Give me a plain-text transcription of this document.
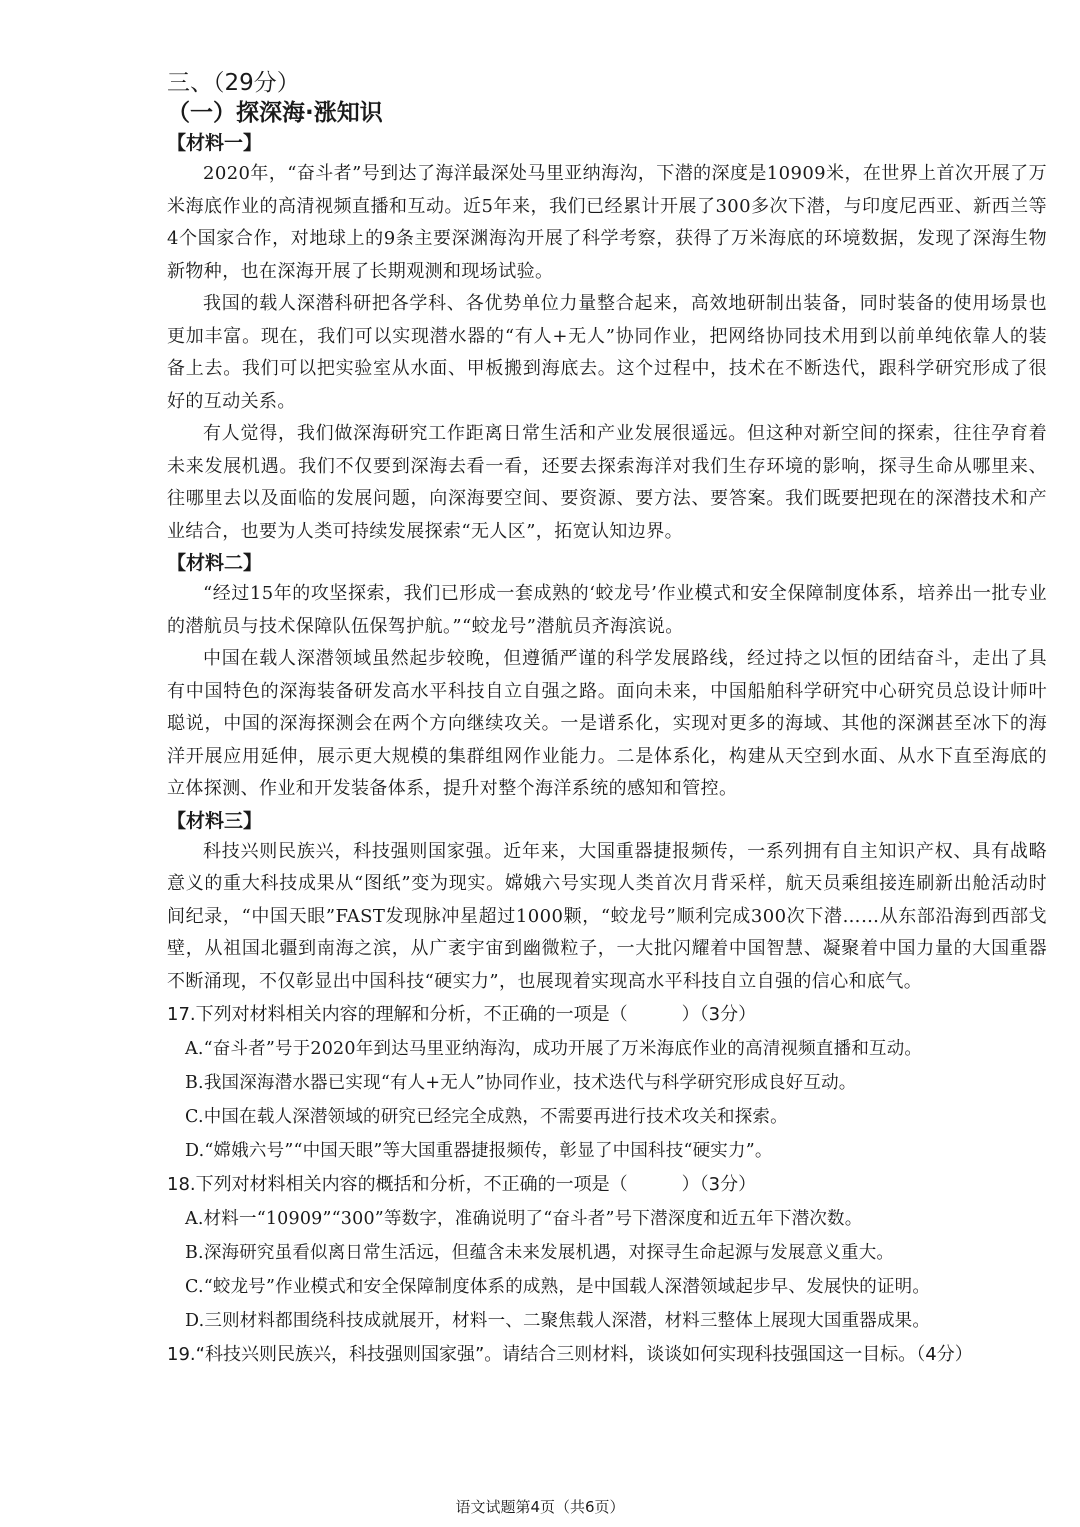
三、（29分）
（一）探深海·涨知识
【材料一】

2020年，“奋斗者”号到达了海洋最深处马里亚纳海沟，下潜的深度是10909米，在世界上首次开展了万米海底作业的高清视频直播和互动。近5年来，我们已经累计开展了300多次下潜，与印度尼西亚、新西兰等4个国家合作，对地球上的9条主要深渊海沟开展了科学考察，获得了万米海底的环境数据，发现了深海生物新物种，也在深海开展了长期观测和现场试验。

我国的载人深潜科研把各学科、各优势单位力量整合起来，高效地研制出装备，同时装备的使用场景也更加丰富。现在，我们可以实现潜水器的“有人+无人”协同作业，把网络协同技术用到以前单纯依靠人的装备上去。我们可以把实验室从水面、甲板搬到海底去。这个过程中，技术在不断迭代，跟科学研究形成了很好的互动关系。

有人觉得，我们做深海研究工作距离日常生活和产业发展很遥远。但这种对新空间的探索，往往孕育着未来发展机遇。我们不仅要到深海去看一看，还要去探索海洋对我们生存环境的影响，探寻生命从哪里来、往哪里去以及面临的发展问题，向深海要空间、要资源、要方法、要答案。我们既要把现在的深潜技术和产业结合，也要为人类可持续发展探索“无人区”，拓宽认知边界。

【材料二】

“经过15年的攻坚探索，我们已形成一套成熟的‘蛟龙号’作业模式和安全保障制度体系，培养出一批专业的潜航员与技术保障队伍保驾护航。”“蛟龙号”潜航员齐海滨说。

中国在载人深潜领域虽然起步较晚，但遵循严谨的科学发展路线，经过持之以恒的团结奋斗，走出了具有中国特色的深海装备研发高水平科技自立自强之路。面向未来，中国船舶科学研究中心研究员总设计师叶聪说，中国的深海探测会在两个方向继续攻关。一是谱系化，实现对更多的海域、其他的深渊甚至冰下的海洋开展应用延伸，展示更大规模的集群组网作业能力。二是体系化，构建从天空到水面、从水下直至海底的立体探测、作业和开发装备体系，提升对整个海洋系统的感知和管控。

【材料三】

科技兴则民族兴，科技强则国家强。近年来，大国重器捷报频传，一系列拥有自主知识产权、具有战略意义的重大科技成果从“图纸”变为现实。嫦娥六号实现人类首次月背采样，航天员乘组接连刷新出舱活动时间纪录，“中国天眼”FAST发现脉冲星超过1000颗，“蛟龙号”顺利完成300次下潜……从东部沿海到西部戈壁，从祖国北疆到南海之滨，从广袤宇宙到幽微粒子，一大批闪耀着中国智慧、凝聚着中国力量的大国重器不断涌现，不仅彰显出中国科技“硬实力”，也展现着实现高水平科技自立自强的信心和底气。

17.下列对材料相关内容的理解和分析，不正确的一项是（　　　）（3分）

A.“奋斗者”号于2020年到达马里亚纳海沟，成功开展了万米海底作业的高清视频直播和互动。

B.我国深海潜水器已实现“有人+无人”协同作业，技术迭代与科学研究形成良好互动。

C.中国在载人深潜领域的研究已经完全成熟，不需要再进行技术攻关和探索。

D.“嫦娥六号”“中国天眼”等大国重器捷报频传，彰显了中国科技“硬实力”。

18.下列对材料相关内容的概括和分析，不正确的一项是（　　　）（3分）

A.材料一“10909”“300”等数字，准确说明了“奋斗者”号下潜深度和近五年下潜次数。

B.深海研究虽看似离日常生活远，但蕴含未来发展机遇，对探寻生命起源与发展意义重大。

C.“蛟龙号”作业模式和安全保障制度体系的成熟，是中国载人深潜领域起步早、发展快的证明。

D.三则材料都围绕科技成就展开，材料一、二聚焦载人深潜，材料三整体上展现大国重器成果。

19.“科技兴则民族兴，科技强则国家强”。请结合三则材料，谈谈如何实现科技强国这一目标。（4分）

语文试题第4页（共6页）
